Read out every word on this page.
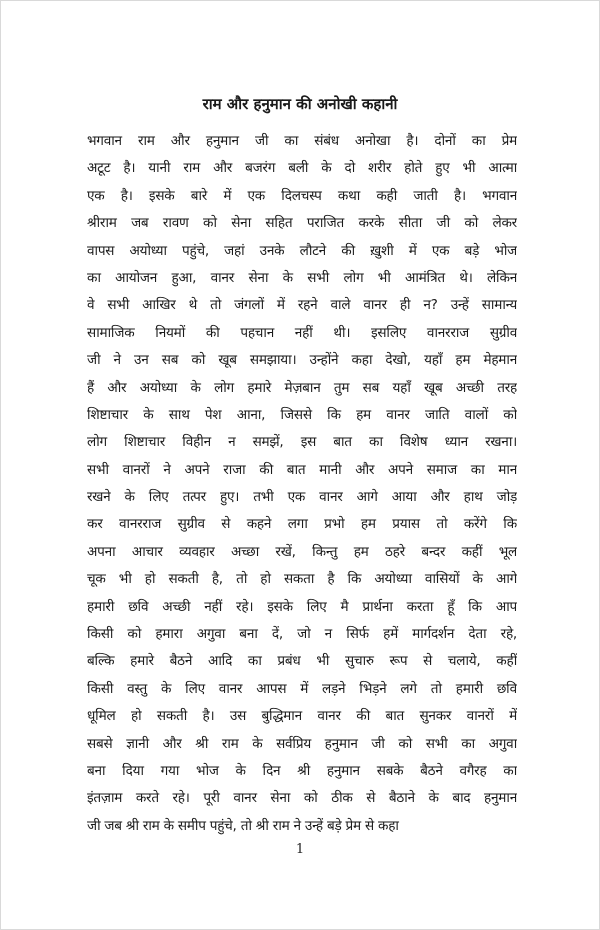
राम और हनुमान की अनोखी कहानी
भगवान राम और हनुमान जी का संबंध अनोखा है। दोनों का प्रेम
अटूट है। यानी राम और बजरंग बली के दो शरीर होते हुए भी आत्मा
एक है। इसके बारे में एक दिलचस्प कथा कही जाती है। भगवान
श्रीराम जब रावण को सेना सहित पराजित करके सीता जी को लेकर
वापस अयोध्या पहुंचे, जहां उनके लौटने की ख़ुशी में एक बड़े भोज
का आयोजन हुआ, वानर सेना के सभी लोग भी आमंत्रित थे। लेकिन
वे सभी आखिर थे तो जंगलों में रहने वाले वानर ही न? उन्हें सामान्य
सामाजिक नियमों की पहचान नहीं थी। इसलिए वानरराज सुग्रीव
जी ने उन सब को खूब समझाया। उन्होंने कहा देखो, यहाँ हम मेहमान
हैं और अयोध्या के लोग हमारे मेज़बान तुम सब यहाँ खूब अच्छी तरह
शिष्टाचार के साथ पेश आना, जिससे कि हम वानर जाति वालों को
लोग शिष्टाचार विहीन न समझें, इस बात का विशेष ध्यान रखना।
सभी वानरों ने अपने राजा की बात मानी और अपने समाज का मान
रखने के लिए तत्पर हुए। तभी एक वानर आगे आया और हाथ जोड़
कर वानरराज सुग्रीव से कहने लगा प्रभो हम प्रयास तो करेंगे कि
अपना आचार व्यवहार अच्छा रखें, किन्तु हम ठहरे बन्दर कहीं भूल
चूक भी हो सकती है, तो हो सकता है कि अयोध्या वासियों के आगे
हमारी छवि अच्छी नहीं रहे। इसके लिए मै प्रार्थना करता हूँ कि आप
किसी को हमारा अगुवा बना दें, जो न सिर्फ हमें मार्गदर्शन देता रहे,
बल्कि हमारे बैठने आदि का प्रबंध भी सुचारु रूप से चलाये, कहीं
किसी वस्तु के लिए वानर आपस में लड़ने भिड़ने लगे तो हमारी छवि
धूमिल हो सकती है। उस बुद्धिमान वानर की बात सुनकर वानरों में
सबसे ज्ञानी और श्री राम के सर्वप्रिय हनुमान जी को सभी का अगुवा
बना दिया गया भोज के दिन श्री हनुमान सबके बैठने वगैरह का
इंतज़ाम करते रहे। पूरी वानर सेना को ठीक से बैठाने के बाद हनुमान
जी जब श्री राम के समीप पहुंचे, तो श्री राम ने उन्हें बड़े प्रेम से कहा
1
